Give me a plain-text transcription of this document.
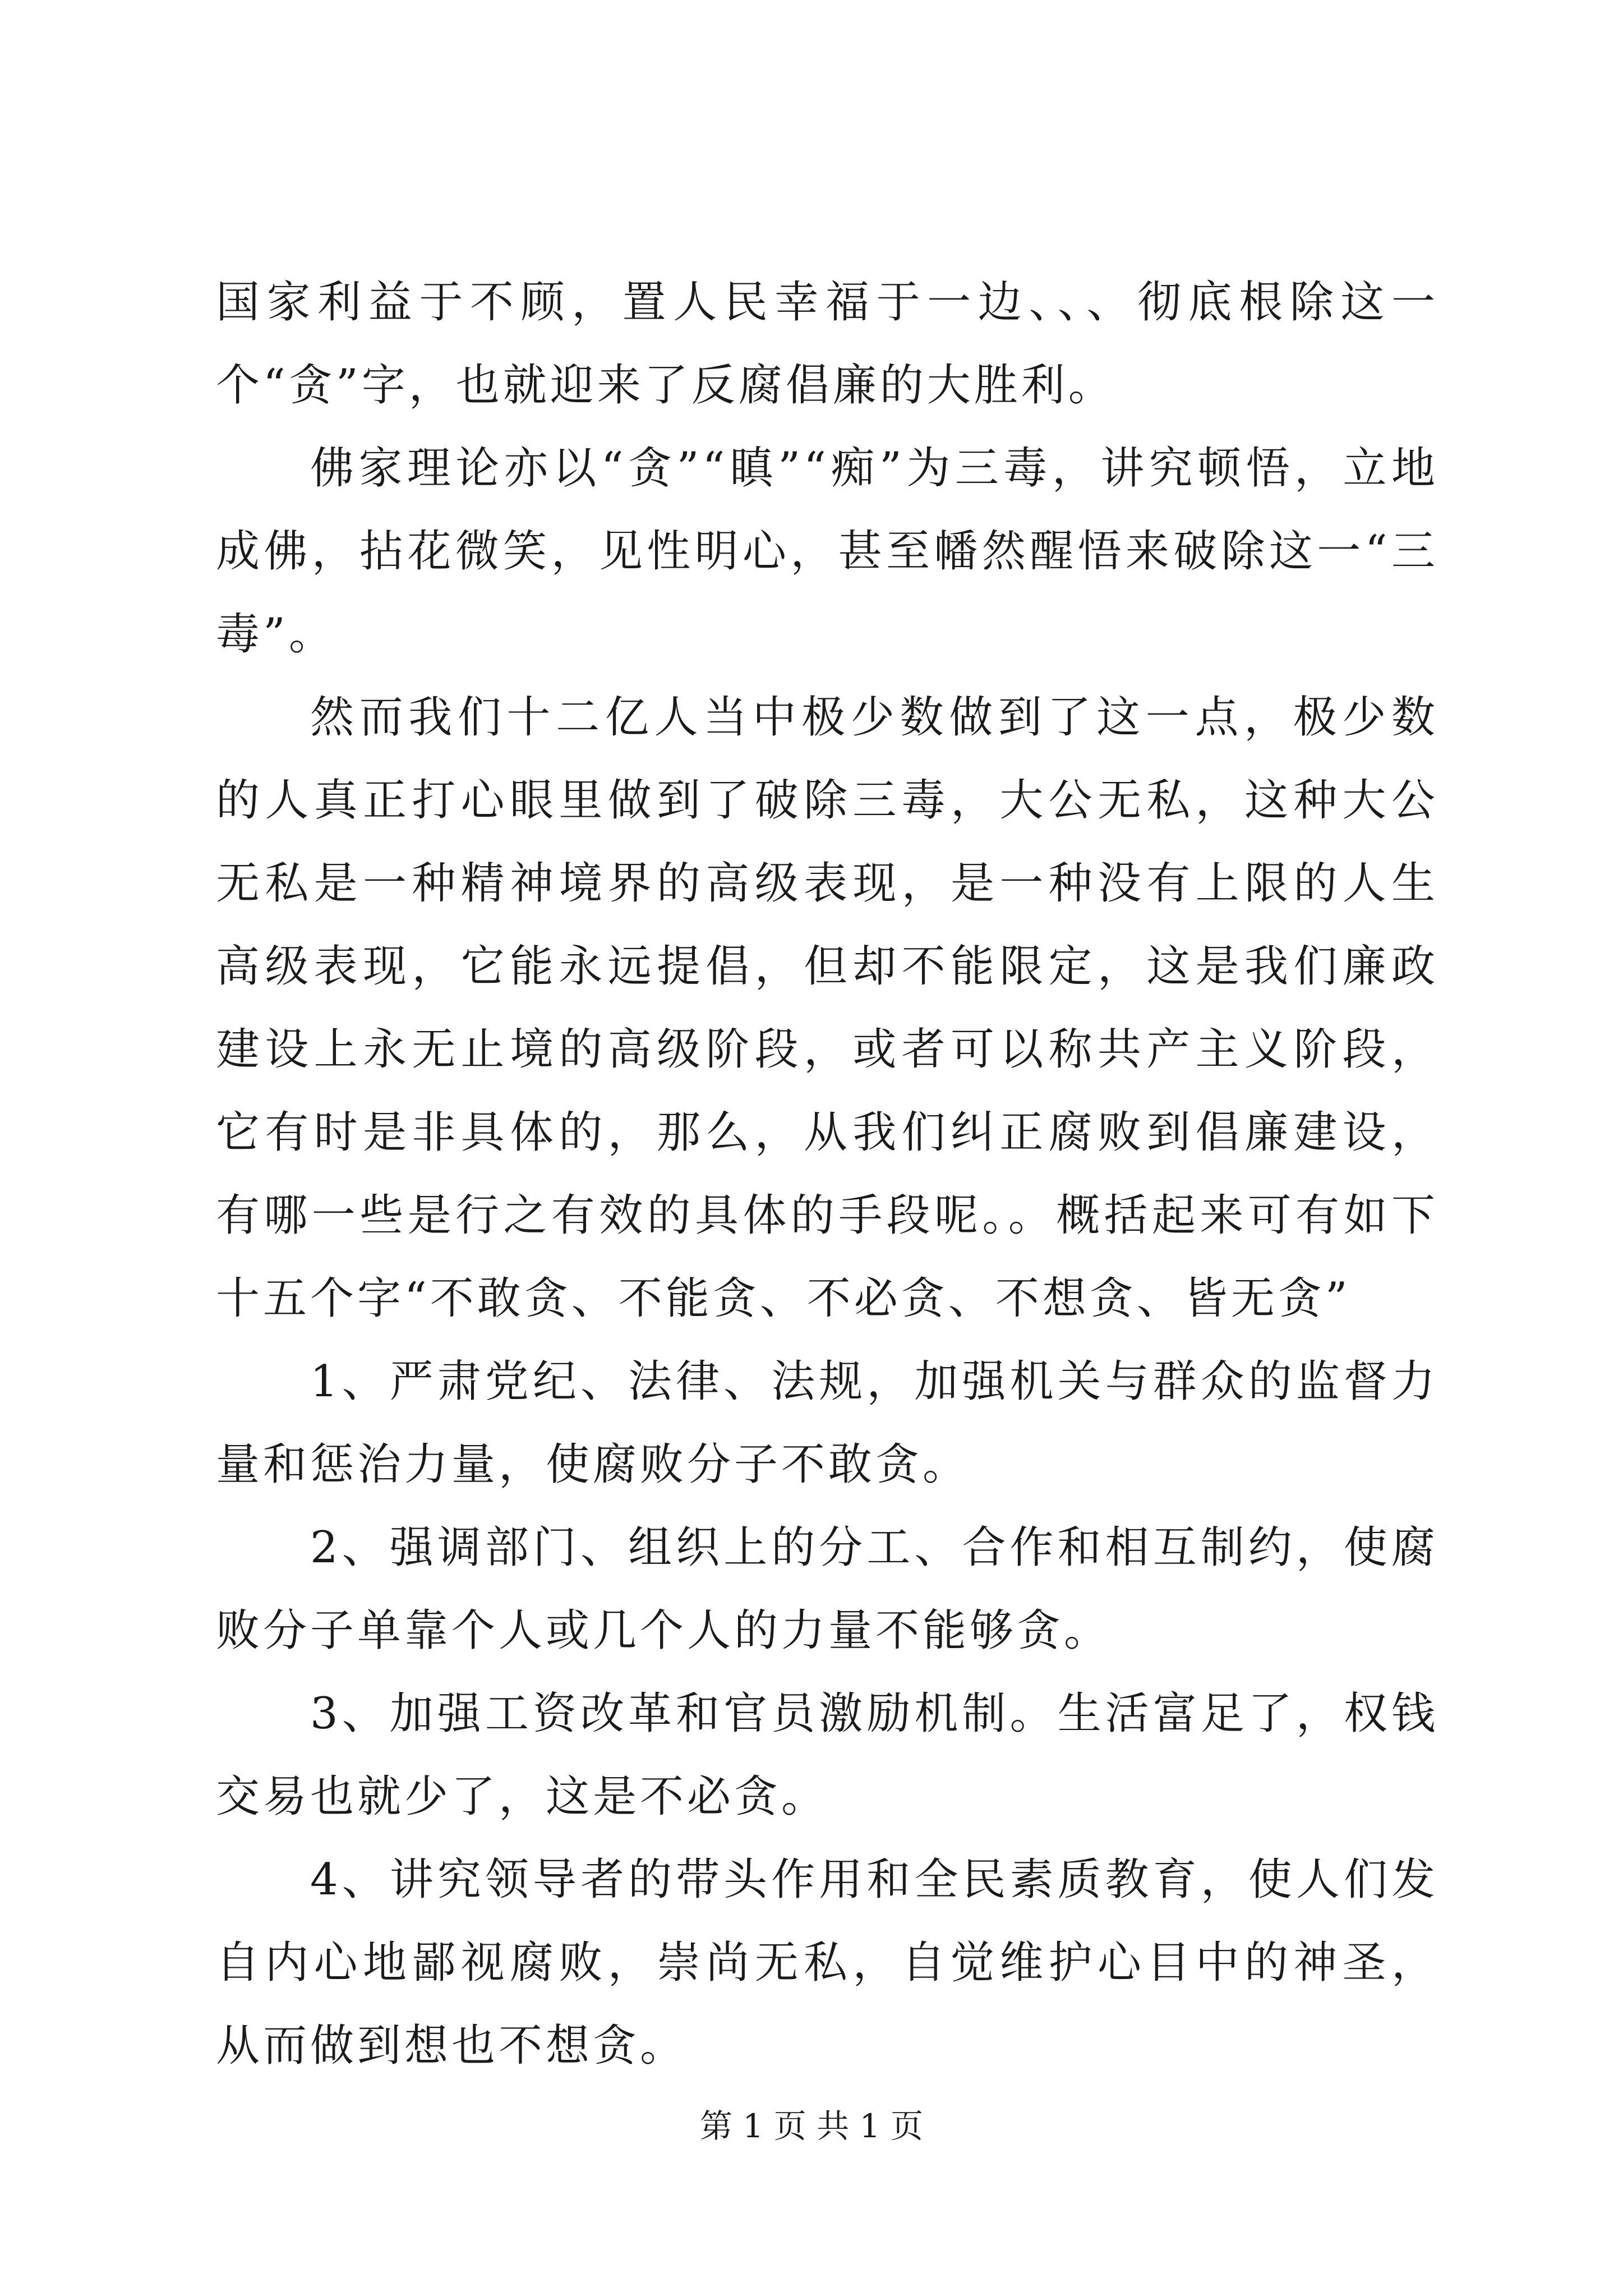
国家利益于不顾，置人民幸福于一边、、、彻底根除这一个“贪”字，也就迎来了反腐倡廉的大胜利。

佛家理论亦以“贪”“瞋”“痴”为三毒，讲究顿悟，立地成佛，拈花微笑，见性明心，甚至幡然醒悟来破除这一“三毒”。

然而我们十二亿人当中极少数做到了这一点，极少数的人真正打心眼里做到了破除三毒，大公无私，这种大公无私是一种精神境界的高级表现，是一种没有上限的人生高级表现，它能永远提倡，但却不能限定，这是我们廉政建设上永无止境的高级阶段，或者可以称共产主义阶段，它有时是非具体的，那么，从我们纠正腐败到倡廉建设，有哪一些是行之有效的具体的手段呢。。概括起来可有如下十五个字“不敢贪、不能贪、不必贪、不想贪、皆无贪”

1、严肃党纪、法律、法规，加强机关与群众的监督力量和惩治力量，使腐败分子不敢贪。

2、强调部门、组织上的分工、合作和相互制约，使腐败分子单靠个人或几个人的力量不能够贪。

3、加强工资改革和官员激励机制。生活富足了，权钱交易也就少了，这是不必贪。

4、讲究领导者的带头作用和全民素质教育，使人们发自内心地鄙视腐败，崇尚无私，自觉维护心目中的神圣，从而做到想也不想贪。

第 1 页 共 1 页
